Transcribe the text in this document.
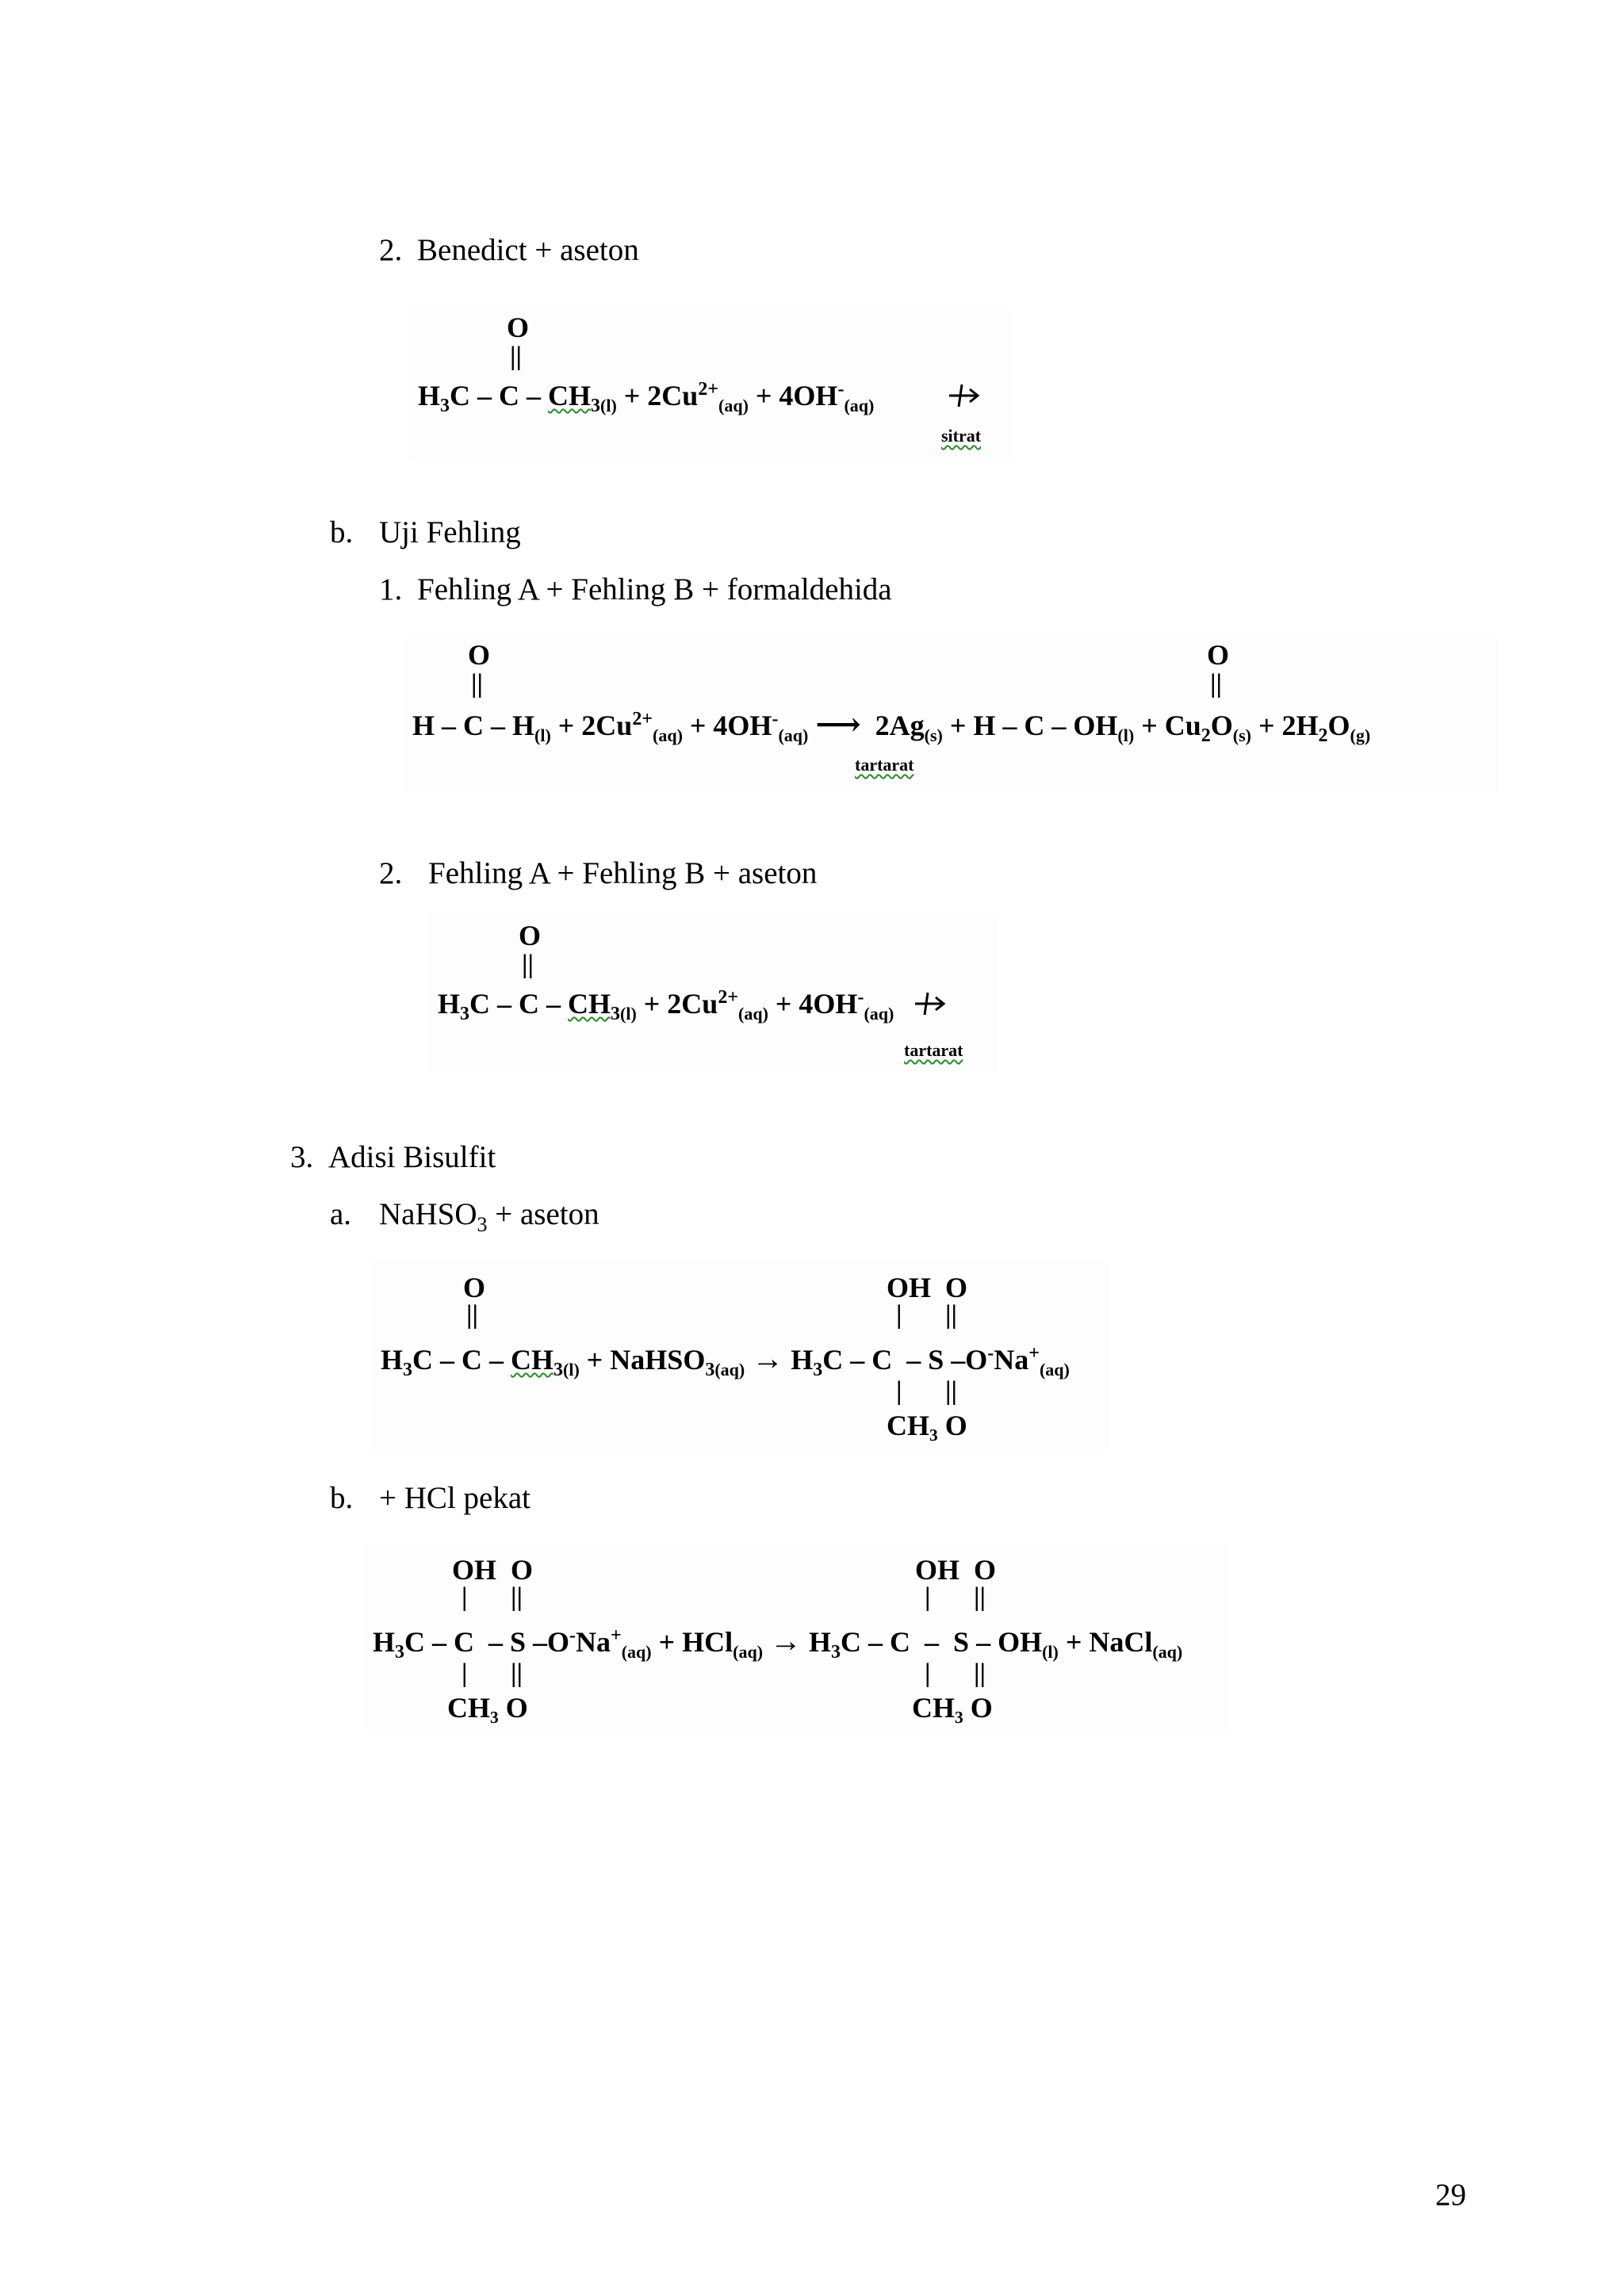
2. Benedict + aseton
O
||
$H_3C - C - CH_{3(l)} + 2Cu^{2+}_{(aq)} + 4OH^-_{(aq)}$
sitrat
b. Uji Fehling
1. Fehling A + Fehling B + formaldehida
O
||
O
||
$H - C - H_{(l)} + 2Cu^{2+}_{(aq)} + 4OH^-_{(aq)}$ ⟶  $2Ag_{(s)} + H - C - OH_{(l)} + Cu_2O_{(s)} + 2H_2O_{(g)}$
tartarat
2. Fehling A + Fehling B + aseton
O
||
$H_3C - C - CH_{3(l)} + 2Cu^{2+}_{(aq)} + 4OH^-_{(aq)}$
tartarat
3. Adisi Bisulfit
a. NaHSO$_3$ + aseton
O
||
OH  O
| ||
$H_3C$ – C – $CH_{3(l)}$ + NaHSO$_{3(aq)}$ → $H_3C$ – C  – S $-O^-Na^+_{(aq)}$
| ||
CH₃ O
b. + HCl pekat
OH  O
| ||
OH  O
| ||
$H_3C$ – C  – S $-O^-Na^+_{(aq)} + HCl_{(aq)} \to H_3C - C - S - OH_{(l)}$ + NaCl$_{(aq)}$
| ||
CH₃ O
| ||
CH₃ O
29
